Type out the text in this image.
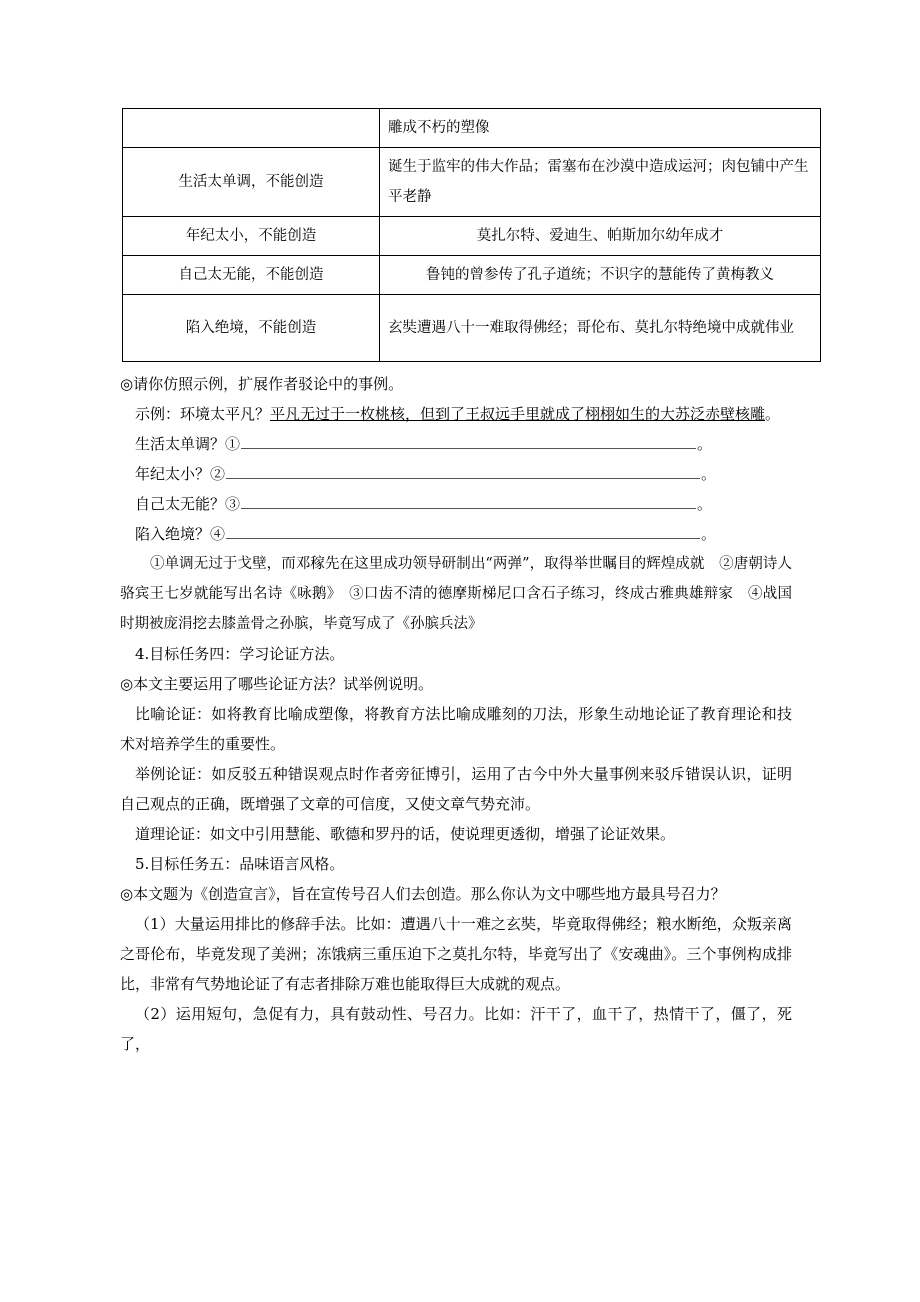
	雕成不朽的塑像
生活太单调，不能创造	诞生于监牢的伟大作品；雷塞布在沙漠中造成运河；肉包铺中产生平老静
年纪太小，不能创造	莫扎尔特、爱迪生、帕斯加尔幼年成才
自己太无能，不能创造	鲁钝的曾参传了孔子道统；不识字的慧能传了黄梅教义
陷入绝境，不能创造	玄奘遭遇八十一难取得佛经；哥伦布、莫扎尔特绝境中成就伟业

◎请你仿照示例，扩展作者驳论中的事例。

示例：环境太平凡？平凡无过于一枚桃核，但到了王叔远手里就成了栩栩如生的大苏泛赤壁核雕。

生活太单调？①	。
年纪太小？②	。
自己太无能？③	。
陷入绝境？④	。

①单调无过于戈壁，而邓稼先在这里成功领导研制出“两弹”，取得举世瞩目的辉煌成就　②唐朝诗人骆宾王七岁就能写出名诗《咏鹅》　③口齿不清的德摩斯梯尼口含石子练习，终成古雅典雄辩家　④战国时期被庞涓挖去膝盖骨之孙膑，毕竟写成了《孙膑兵法》

4.目标任务四：学习论证方法。

◎本文主要运用了哪些论证方法？试举例说明。

比喻论证：如将教育比喻成塑像，将教育方法比喻成雕刻的刀法，形象生动地论证了教育理论和技术对培养学生的重要性。

举例论证：如反驳五种错误观点时作者旁征博引，运用了古今中外大量事例来驳斥错误认识，证明自己观点的正确，既增强了文章的可信度，又使文章气势充沛。

道理论证：如文中引用慧能、歌德和罗丹的话，使说理更透彻，增强了论证效果。

5.目标任务五：品味语言风格。

◎本文题为《创造宣言》，旨在宣传号召人们去创造。那么你认为文中哪些地方最具号召力？

（1）大量运用排比的修辞手法。比如：遭遇八十一难之玄奘，毕竟取得佛经；粮水断绝，众叛亲离之哥伦布，毕竟发现了美洲；冻饿病三重压迫下之莫扎尔特，毕竟写出了《安魂曲》。三个事例构成排比，非常有气势地论证了有志者排除万难也能取得巨大成就的观点。

（2）运用短句，急促有力，具有鼓动性、号召力。比如：汗干了，血干了，热情干了，僵了，死了，
